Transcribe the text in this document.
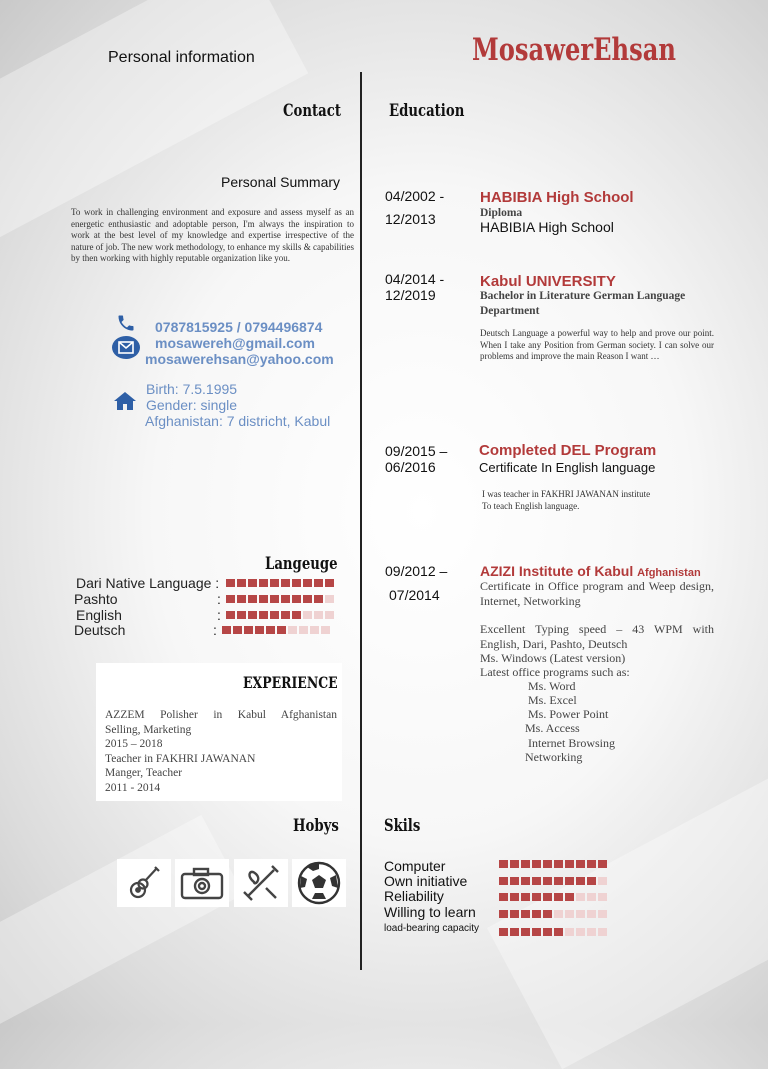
Personal information	MosawerEhsan
Contact	Education
Personal Summary
To work in challenging environment and exposure and assess myself as an energetic enthusiastic and adoptable person, I'm always the inspiration to work at the best level of my knowledge and expertise irrespective of the nature of job. The new work methodology, to enhance my skills & capabilities by then working with highly reputable organization like you.
0787815925 / 0794496874
mosawereh@gmail.com
mosawerehsan@yahoo.com
Birth: 7.5.1995
Gender: single
Afghanistan: 7 districht, Kabul
Langeuge
Dari Native Language :
Pashto	:
English	:
Deutsch	:
EXPERIENCE
AZZEM Polisher in Kabul Afghanistan
Selling, Marketing
2015 – 2018
Teacher in FAKHRI JAWANAN
Manger, Teacher
2011 - 2014
Hobys
04/2002 -
12/2013
HABIBIA High School
Diploma
HABIBIA High School
04/2014 -
12/2019
Kabul UNIVERSITY
Bachelor in Literature German Language Department
Deutsch Language a powerful way to help and prove our point. When I take any Position from German society. I can solve our problems and improve the main Reason I want …
09/2015 –
06/2016
Completed DEL Program
Certificate In English language
I was teacher in FAKHRI JAWANAN institute
To teach English language.
09/2012 –
07/2014
AZIZI Institute of Kabul Afghanistan
Certificate in Office program and Weep design, Internet, Networking
Excellent Typing speed – 43 WPM with English, Dari, Pashto, Deutsch
Ms. Windows (Latest version)
Latest office programs such as:
Ms. Word
Ms. Excel
Ms. Power Point
Ms. Access
Internet Browsing
Networking
Skils
Computer
Own initiative
Reliability
Willing to learn
load-bearing capacity
